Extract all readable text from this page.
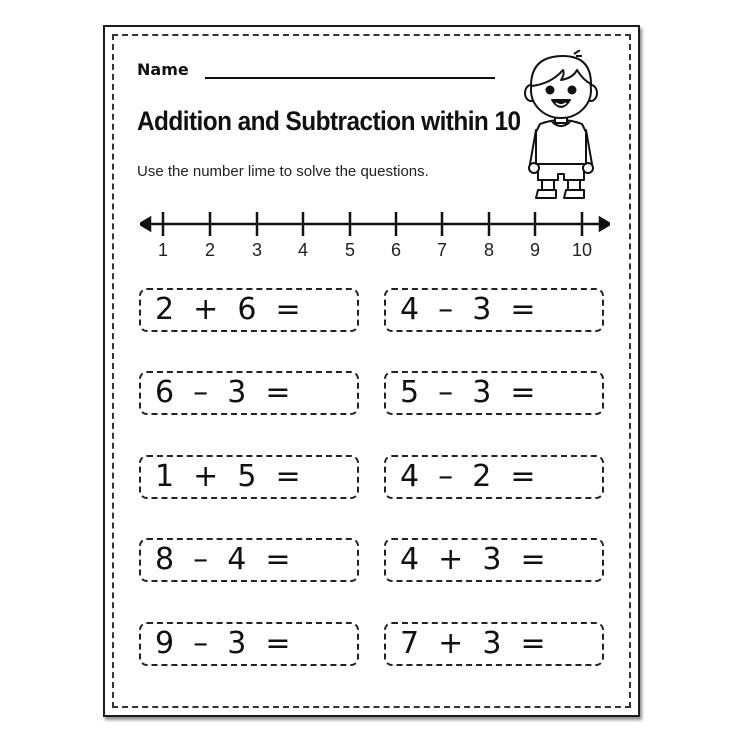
Name
Addition and Subtraction within 10
Use the number lime to solve the questions.
1	2	3	4	5	6	7	8	9	10
2  +  6  =
6  –  3  =
1  +  5  =
8  –  4  =
9  –  3  =
4  –  3  =
5  –  3  =
4  –  2  =
4  +  3  =
7  +  3  =
